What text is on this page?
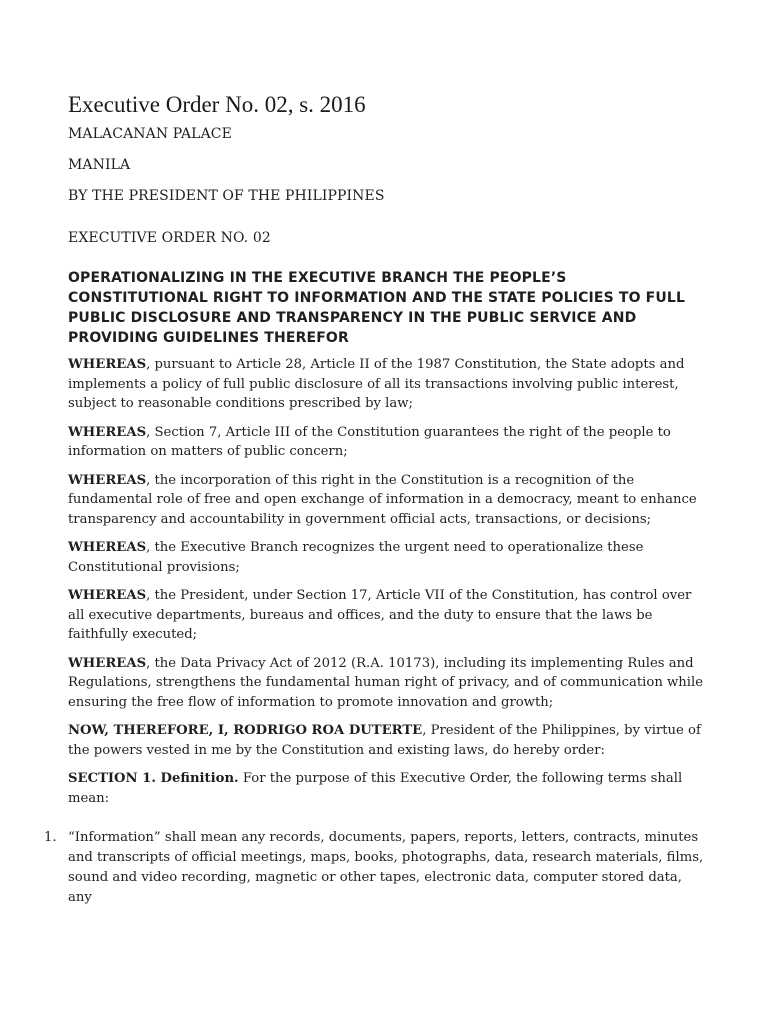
Executive Order No. 02, s. 2016

MALACANAN PALACE

MANILA

BY THE PRESIDENT OF THE PHILIPPINES

EXECUTIVE ORDER NO. 02

OPERATIONALIZING IN THE EXECUTIVE BRANCH THE PEOPLE’S CONSTITUTIONAL RIGHT TO INFORMATION AND THE STATE POLICIES TO FULL PUBLIC DISCLOSURE AND TRANSPARENCY IN THE PUBLIC SERVICE AND PROVIDING GUIDELINES THEREFOR

WHEREAS, pursuant to Article 28, Article II of the 1987 Constitution, the State adopts and implements a policy of full public disclosure of all its transactions involving public interest, subject to reasonable conditions prescribed by law;

WHEREAS, Section 7, Article III of the Constitution guarantees the right of the people to information on matters of public concern;

WHEREAS, the incorporation of this right in the Constitution is a recognition of the fundamental role of free and open exchange of information in a democracy, meant to enhance transparency and accountability in government official acts, transactions, or decisions;

WHEREAS, the Executive Branch recognizes the urgent need to operationalize these Constitutional provisions;

WHEREAS, the President, under Section 17, Article VII of the Constitution, has control over all executive departments, bureaus and offices, and the duty to ensure that the laws be faithfully executed;

WHEREAS, the Data Privacy Act of 2012 (R.A. 10173), including its implementing Rules and Regulations, strengthens the fundamental human right of privacy, and of communication while ensuring the free flow of information to promote innovation and growth;

NOW, THEREFORE, I, RODRIGO ROA DUTERTE, President of the Philippines, by virtue of the powers vested in me by the Constitution and existing laws, do hereby order:

SECTION 1. Definition. For the purpose of this Executive Order, the following terms shall mean:

1. “Information” shall mean any records, documents, papers, reports, letters, contracts, minutes and transcripts of official meetings, maps, books, photographs, data, research materials, films, sound and video recording, magnetic or other tapes, electronic data, computer stored data, any
